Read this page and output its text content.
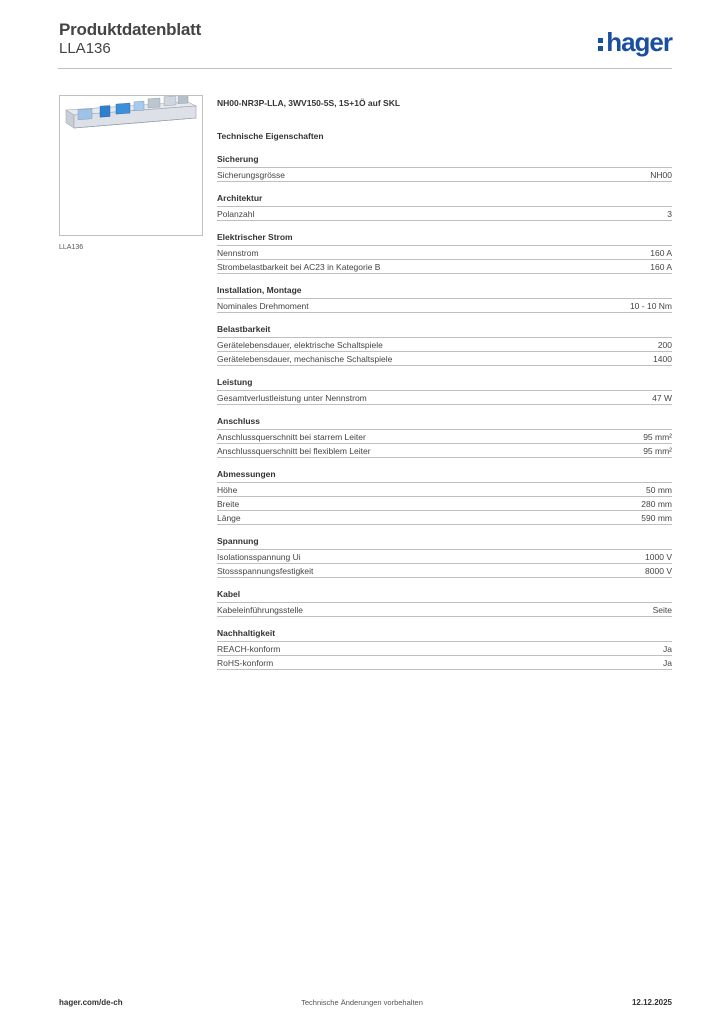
Produktdatenblatt
LLA136	hager
LLA136
NH00-NR3P-LLA, 3WV150-5S, 1S+1Ö auf SKL
Technische Eigenschaften
Sicherung
Sicherungsgrösse	NH00
Architektur
Polanzahl	3
Elektrischer Strom
Nennstrom	160 A
Strombelastbarkeit bei AC23 in Kategorie B	160 A
Installation, Montage
Nominales Drehmoment	10 - 10 Nm
Belastbarkeit
Gerätelebensdauer, elektrische Schaltspiele	200
Gerätelebensdauer, mechanische Schaltspiele	1400
Leistung
Gesamtverlustleistung unter Nennstrom	47 W
Anschluss
Anschlussquerschnitt bei starrem Leiter	95 mm²
Anschlussquerschnitt bei flexiblem Leiter	95 mm²
Abmessungen
Höhe	50 mm
Breite	280 mm
Länge	590 mm
Spannung
Isolationsspannung Ui	1000 V
Stossspannungsfestigkeit	8000 V
Kabel
Kabeleinführungsstelle	Seite
Nachhaltigkeit
REACH-konform	Ja
RoHS-konform	Ja
hager.com/de-ch	Technische Änderungen vorbehalten	12.12.2025
